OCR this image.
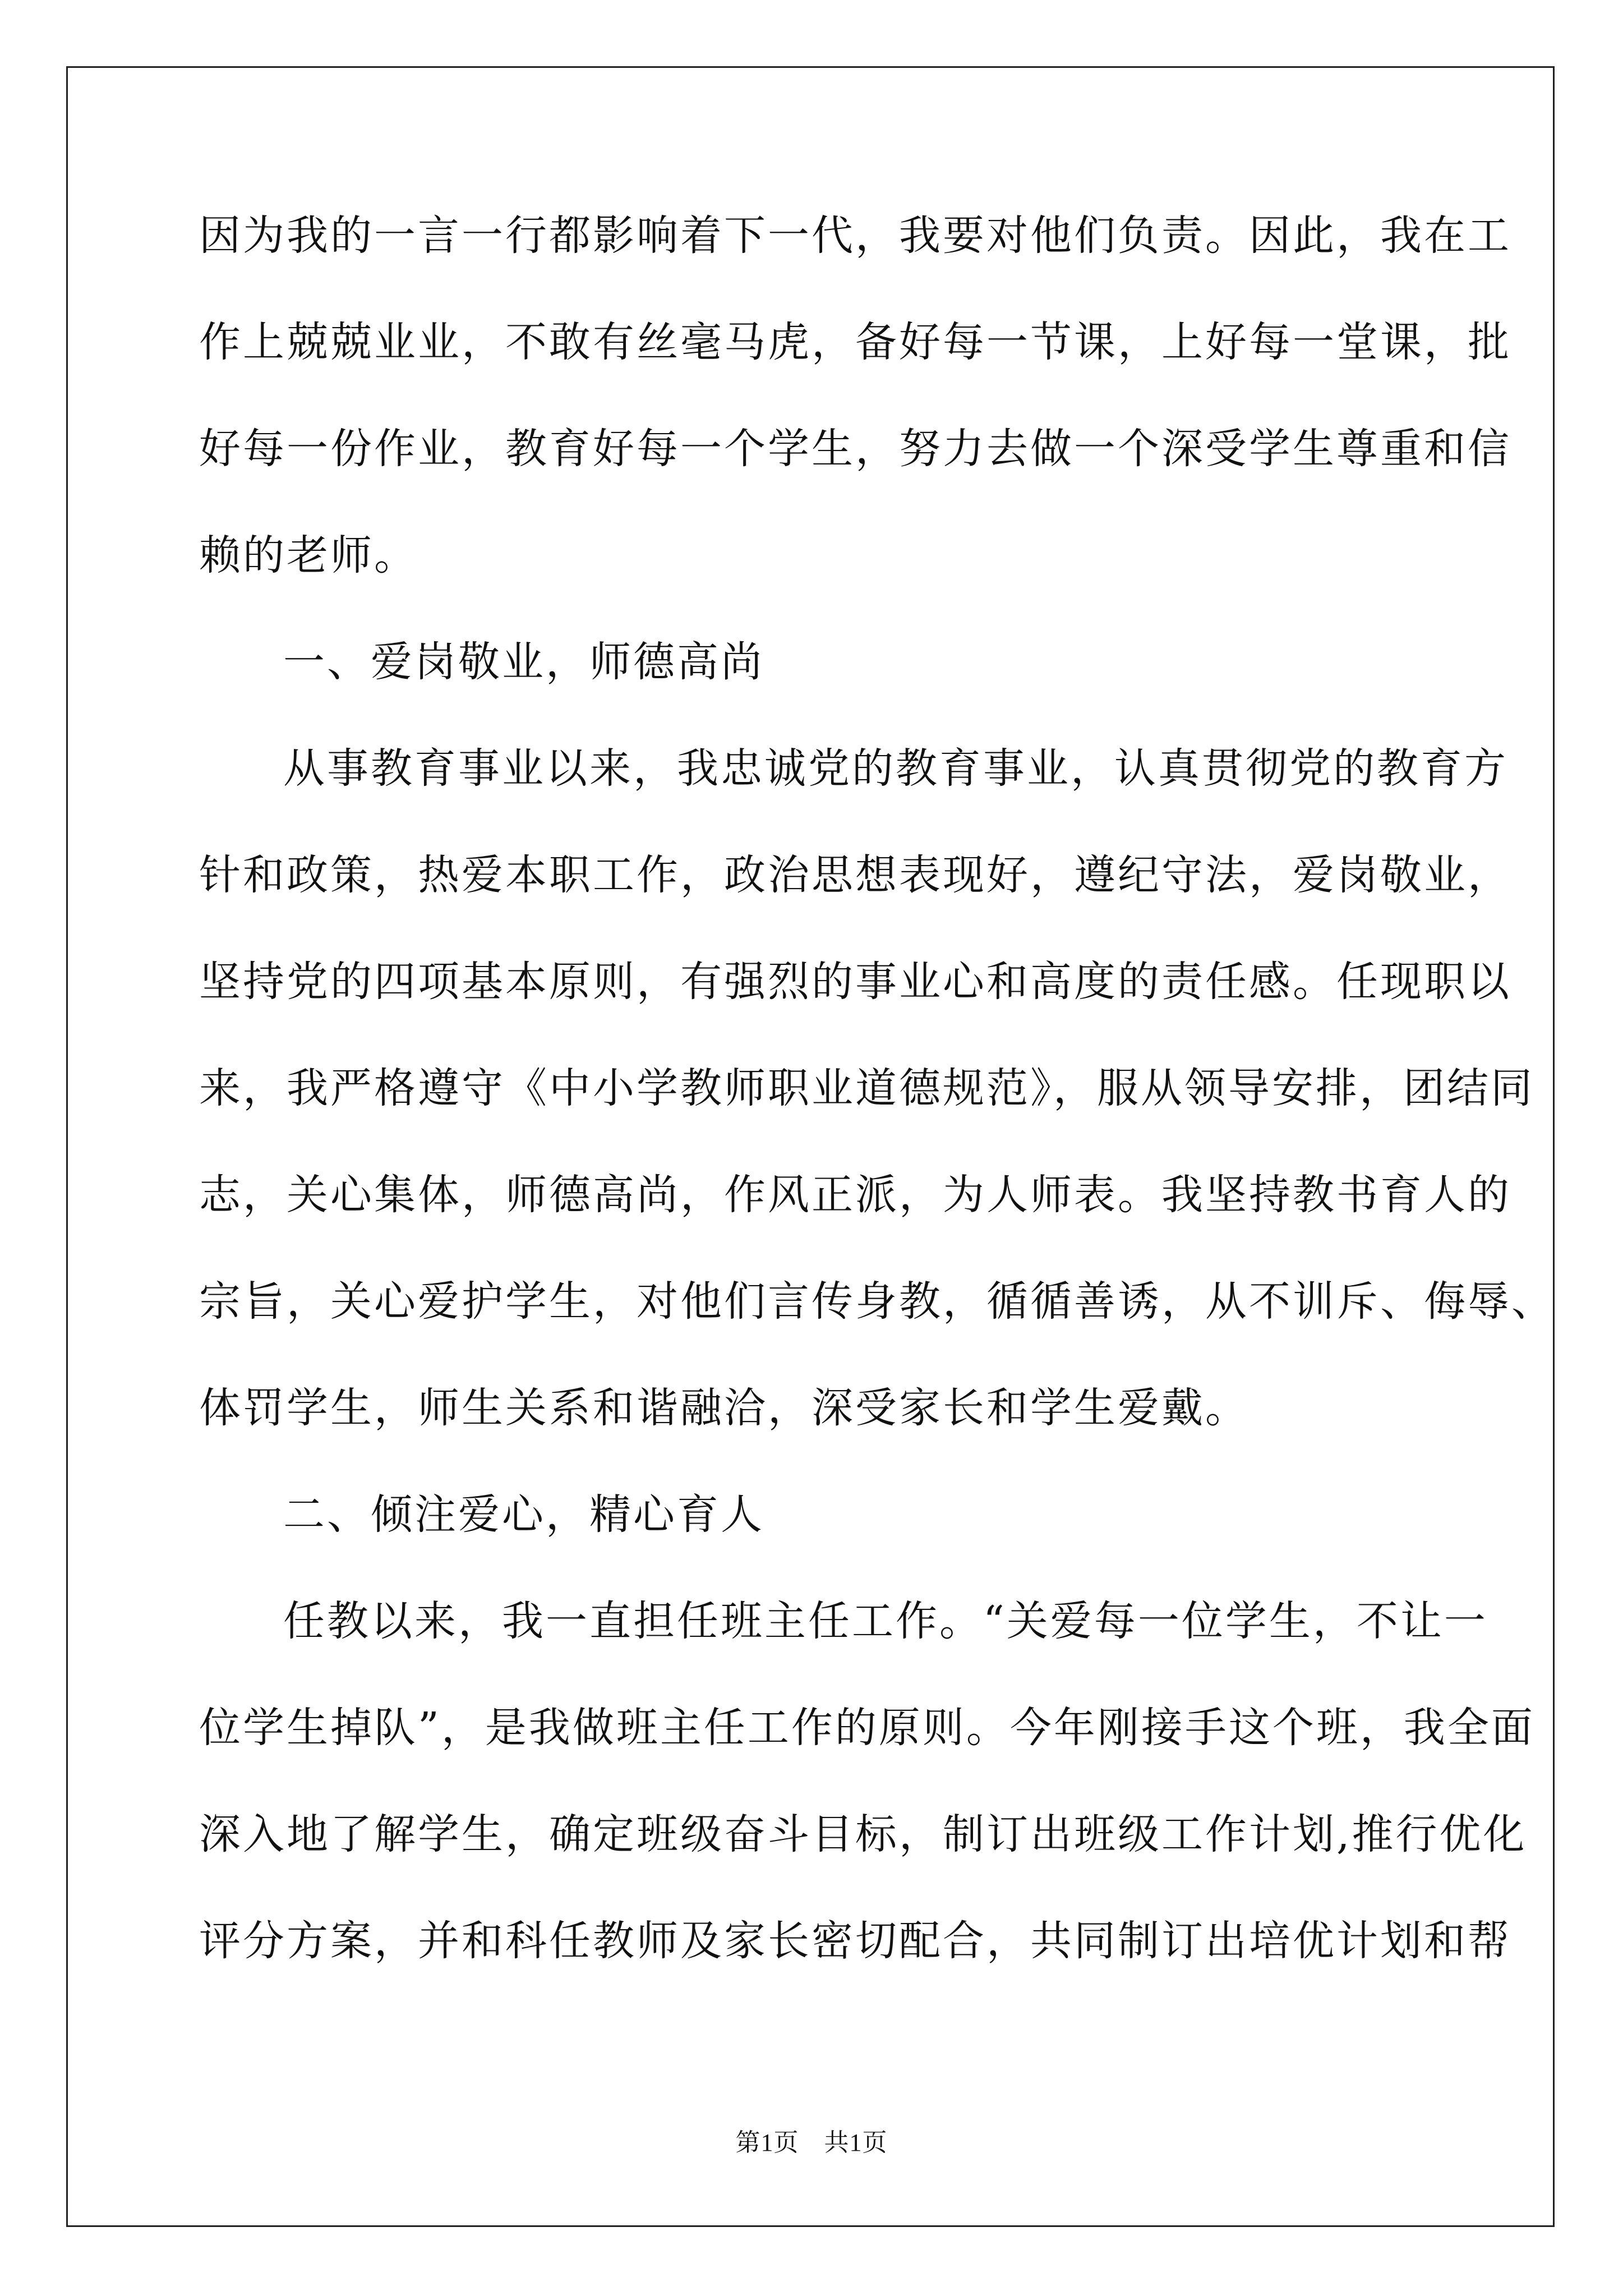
因为我的一言一行都影响着下一代，我要对他们负责。因此，我在工
作上兢兢业业，不敢有丝毫马虎，备好每一节课，上好每一堂课，批
好每一份作业，教育好每一个学生，努力去做一个深受学生尊重和信
赖的老师。
一、爱岗敬业，师德高尚
从事教育事业以来，我忠诚党的教育事业，认真贯彻党的教育方
针和政策，热爱本职工作，政治思想表现好，遵纪守法，爱岗敬业，
坚持党的四项基本原则，有强烈的事业心和高度的责任感。任现职以
来，我严格遵守《中小学教师职业道德规范》，服从领导安排，团结同
志，关心集体，师德高尚，作风正派，为人师表。我坚持教书育人的
宗旨，关心爱护学生，对他们言传身教，循循善诱，从不训斥、侮辱、
体罚学生，师生关系和谐融洽，深受家长和学生爱戴。
二、倾注爱心，精心育人
任教以来，我一直担任班主任工作。“关爱每一位学生，不让一
位学生掉队”，是我做班主任工作的原则。今年刚接手这个班，我全面
深入地了解学生，确定班级奋斗目标，制订出班级工作计划,推行优化
评分方案，并和科任教师及家长密切配合，共同制订出培优计划和帮
第1页　共1页
